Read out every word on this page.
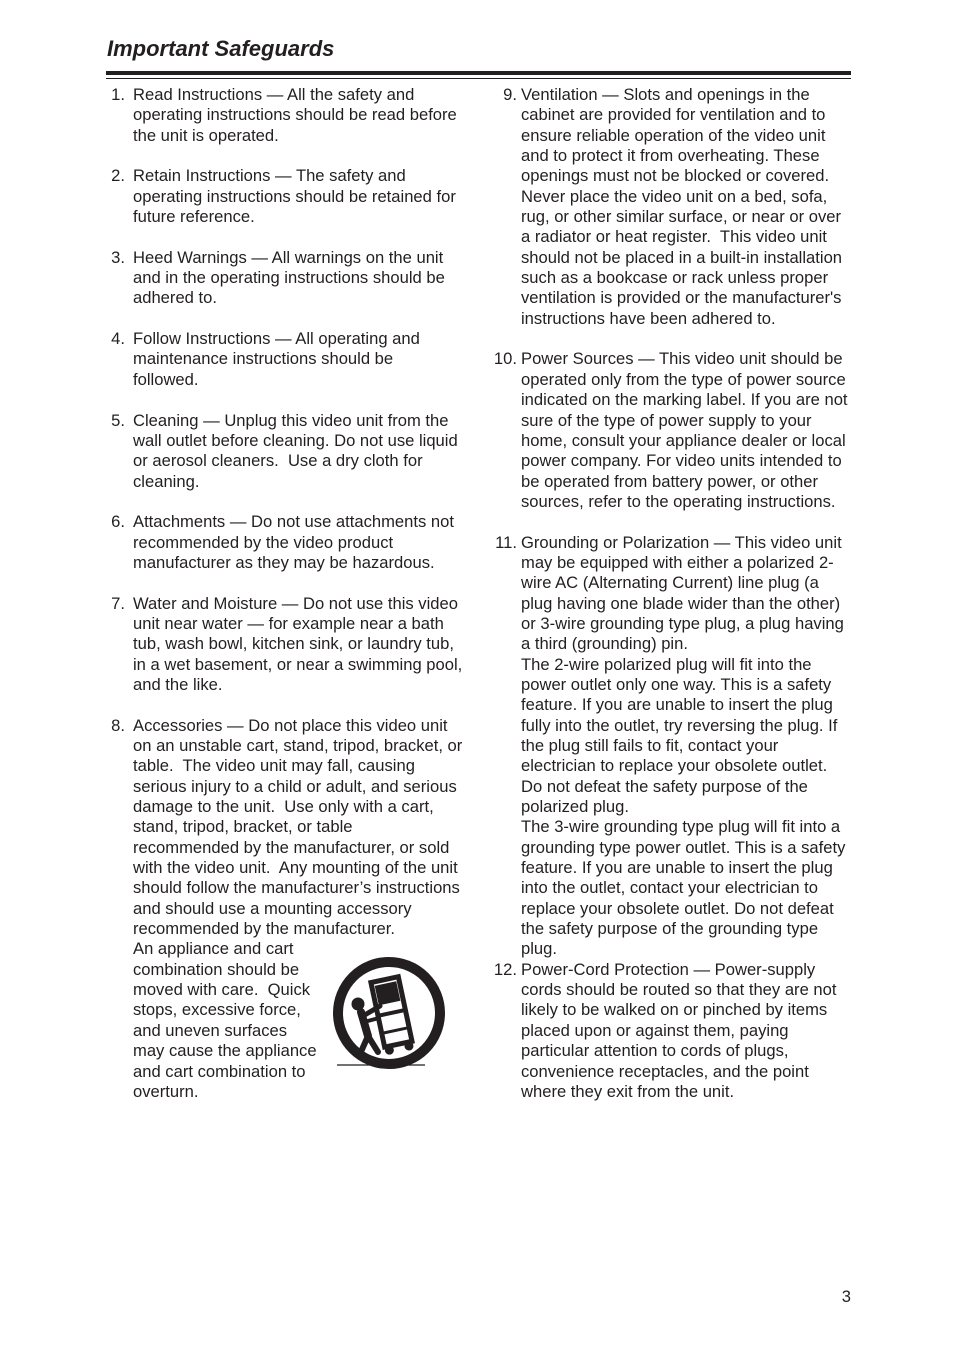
Important Safeguards
1. Read Instructions — All the safety and
operating instructions should be read before
the unit is operated.
2. Retain Instructions — The safety and
operating instructions should be retained for
future reference.
3. Heed Warnings — All warnings on the unit
and in the operating instructions should be
adhered to.
4. Follow Instructions — All operating and
maintenance instructions should be
followed.
5. Cleaning — Unplug this video unit from the
wall outlet before cleaning. Do not use liquid
or aerosol cleaners.  Use a dry cloth for
cleaning.
6. Attachments — Do not use attachments not
recommended by the video product
manufacturer as they may be hazardous.
7. Water and Moisture — Do not use this video
unit near water — for example near a bath
tub, wash bowl, kitchen sink, or laundry tub,
in a wet basement, or near a swimming pool,
and the like.
8. Accessories — Do not place this video unit
on an unstable cart, stand, tripod, bracket, or
table.  The video unit may fall, causing
serious injury to a child or adult, and serious
damage to the unit.  Use only with a cart,
stand, tripod, bracket, or table
recommended by the manufacturer, or sold
with the video unit.  Any mounting of the unit
should follow the manufacturer’s instructions
and should use a mounting accessory
recommended by the manufacturer.
An appliance and cart
combination should be
moved with care.  Quick
stops, excessive force,
and uneven surfaces
may cause the appliance
and cart combination to
overturn.
9. Ventilation — Slots and openings in the
cabinet are provided for ventilation and to
ensure reliable operation of the video unit
and to protect it from overheating. These
openings must not be blocked or covered.
Never place the video unit on a bed, sofa,
rug, or other similar surface, or near or over
a radiator or heat register.  This video unit
should not be placed in a built-in installation
such as a bookcase or rack unless proper
ventilation is provided or the manufacturer's
instructions have been adhered to.
10. Power Sources — This video unit should be
operated only from the type of power source
indicated on the marking label. If you are not
sure of the type of power supply to your
home, consult your appliance dealer or local
power company. For video units intended to
be operated from battery power, or other
sources, refer to the operating instructions.
11. Grounding or Polarization — This video unit
may be equipped with either a polarized 2-
wire AC (Alternating Current) line plug (a
plug having one blade wider than the other)
or 3-wire grounding type plug, a plug having
a third (grounding) pin.
The 2-wire polarized plug will fit into the
power outlet only one way. This is a safety
feature. If you are unable to insert the plug
fully into the outlet, try reversing the plug. If
the plug still fails to fit, contact your
electrician to replace your obsolete outlet.
Do not defeat the safety purpose of the
polarized plug.
The 3-wire grounding type plug will fit into a
grounding type power outlet. This is a safety
feature. If you are unable to insert the plug
into the outlet, contact your electrician to
replace your obsolete outlet. Do not defeat
the safety purpose of the grounding type
plug.
12. Power-Cord Protection — Power-supply
cords should be routed so that they are not
likely to be walked on or pinched by items
placed upon or against them, paying
particular attention to cords of plugs,
convenience receptacles, and the point
where they exit from the unit.
3
